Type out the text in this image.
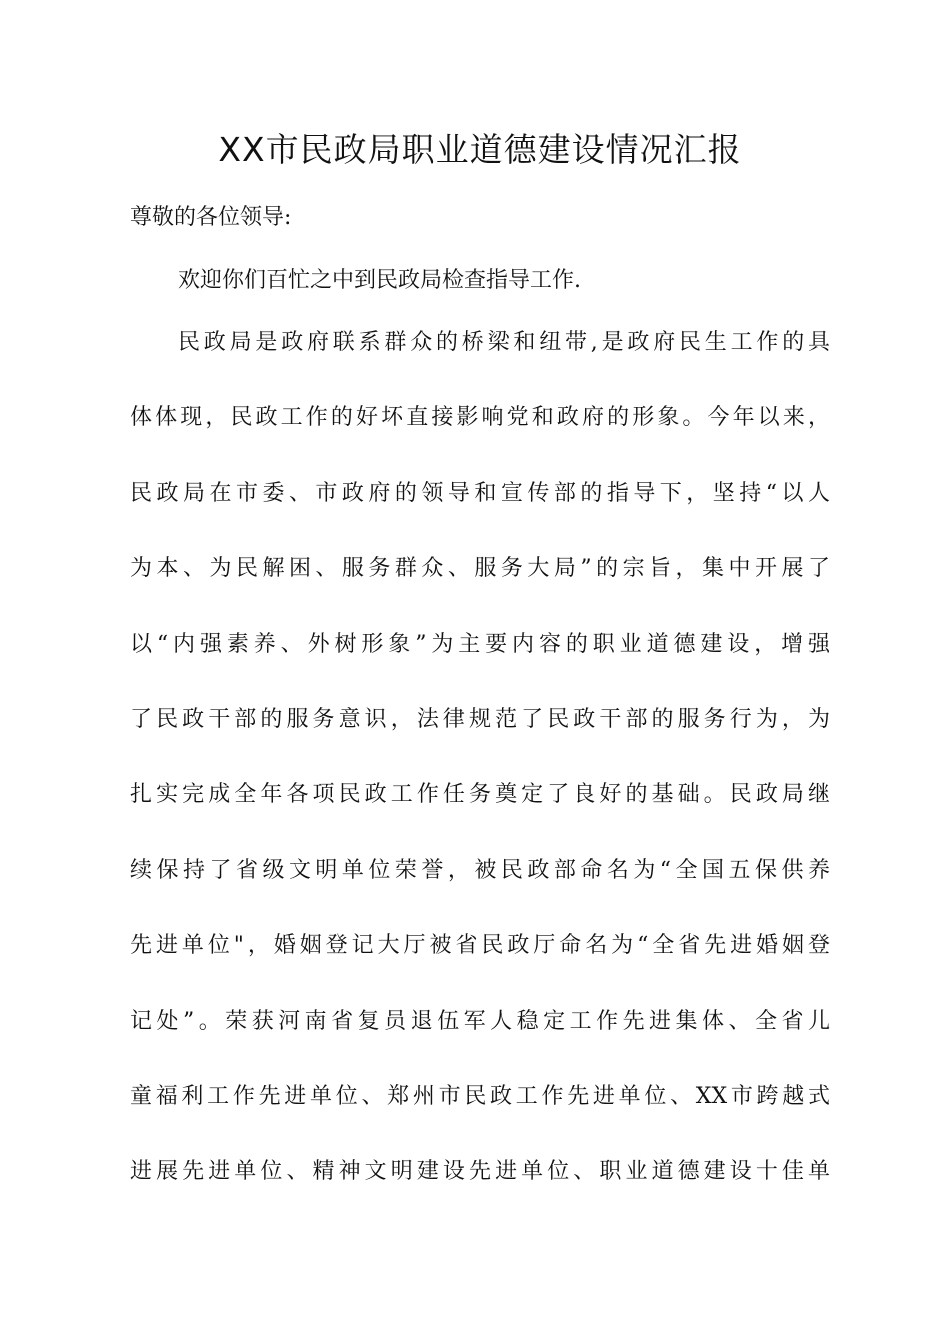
XX市民政局职业道德建设情况汇报
尊敬的各位领导:
欢迎你们百忙之中到民政局检查指导工作.
民政局是政府联系群众的桥梁和纽带,是政府民生工作的具
体体现，民政工作的好坏直接影响党和政府的形象。今年以来，
民政局在市委、市政府的领导和宣传部的指导下，坚持“以人
为本、为民解困、服务群众、服务大局”的宗旨，集中开展了
以“内强素养、外树形象”为主要内容的职业道德建设，增强
了民政干部的服务意识，法律规范了民政干部的服务行为，为
扎实完成全年各项民政工作任务奠定了良好的基础。民政局继
续保持了省级文明单位荣誉，被民政部命名为“全国五保供养
先进单位"，婚姻登记大厅被省民政厅命名为“全省先进婚姻登
记处”。荣获河南省复员退伍军人稳定工作先进集体、全省儿
童福利工作先进单位、郑州市民政工作先进单位、XX市跨越式
进展先进单位、精神文明建设先进单位、职业道德建设十佳单
